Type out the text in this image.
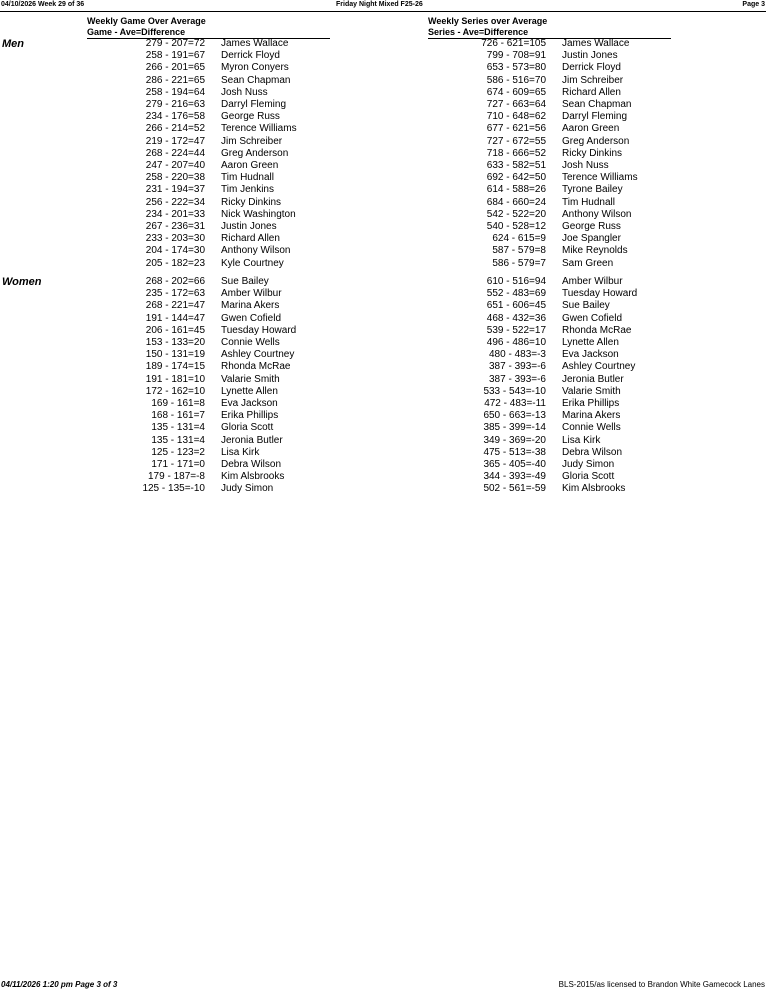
04/10/2026 Week 29 of 36	Friday Night Mixed F25-26	Page 3
Weekly Game Over Average
Game - Ave=Difference
Weekly Series over Average
Series - Ave=Difference
Men
Women
279 - 207=72 James Wallace
258 - 191=67 Derrick Floyd
266 - 201=65 Myron Conyers
286 - 221=65 Sean Chapman
258 - 194=64 Josh Nuss
279 - 216=63 Darryl Fleming
234 - 176=58 George Russ
266 - 214=52 Terence Williams
219 - 172=47 Jim Schreiber
268 - 224=44 Greg Anderson
247 - 207=40 Aaron Green
258 - 220=38 Tim Hudnall
231 - 194=37 Tim Jenkins
256 - 222=34 Ricky Dinkins
234 - 201=33 Nick Washington
267 - 236=31 Justin Jones
233 - 203=30 Richard Allen
204 - 174=30 Anthony Wilson
205 - 182=23 Kyle Courtney
726 - 621=105 James Wallace
799 - 708=91 Justin Jones
653 - 573=80 Derrick Floyd
586 - 516=70 Jim Schreiber
674 - 609=65 Richard Allen
727 - 663=64 Sean Chapman
710 - 648=62 Darryl Fleming
677 - 621=56 Aaron Green
727 - 672=55 Greg Anderson
718 - 666=52 Ricky Dinkins
633 - 582=51 Josh Nuss
692 - 642=50 Terence Williams
614 - 588=26 Tyrone Bailey
684 - 660=24 Tim Hudnall
542 - 522=20 Anthony Wilson
540 - 528=12 George Russ
624 - 615=9 Joe Spangler
587 - 579=8 Mike Reynolds
586 - 579=7 Sam Green
268 - 202=66 Sue Bailey
235 - 172=63 Amber Wilbur
268 - 221=47 Marina Akers
191 - 144=47 Gwen Cofield
206 - 161=45 Tuesday Howard
153 - 133=20 Connie Wells
150 - 131=19 Ashley Courtney
189 - 174=15 Rhonda McRae
191 - 181=10 Valarie Smith
172 - 162=10 Lynette Allen
169 - 161=8 Eva Jackson
168 - 161=7 Erika Phillips
135 - 131=4 Gloria Scott
135 - 131=4 Jeronia Butler
125 - 123=2 Lisa Kirk
171 - 171=0 Debra Wilson
179 - 187=-8 Kim Alsbrooks
125 - 135=-10 Judy Simon
610 - 516=94 Amber Wilbur
552 - 483=69 Tuesday Howard
651 - 606=45 Sue Bailey
468 - 432=36 Gwen Cofield
539 - 522=17 Rhonda McRae
496 - 486=10 Lynette Allen
480 - 483=-3 Eva Jackson
387 - 393=-6 Ashley Courtney
387 - 393=-6 Jeronia Butler
533 - 543=-10 Valarie Smith
472 - 483=-11 Erika Phillips
650 - 663=-13 Marina Akers
385 - 399=-14 Connie Wells
349 - 369=-20 Lisa Kirk
475 - 513=-38 Debra Wilson
365 - 405=-40 Judy Simon
344 - 393=-49 Gloria Scott
502 - 561=-59 Kim Alsbrooks
04/11/2026 1:20 pm Page 3 of 3	BLS-2015/as licensed to Brandon White Gamecock Lanes
